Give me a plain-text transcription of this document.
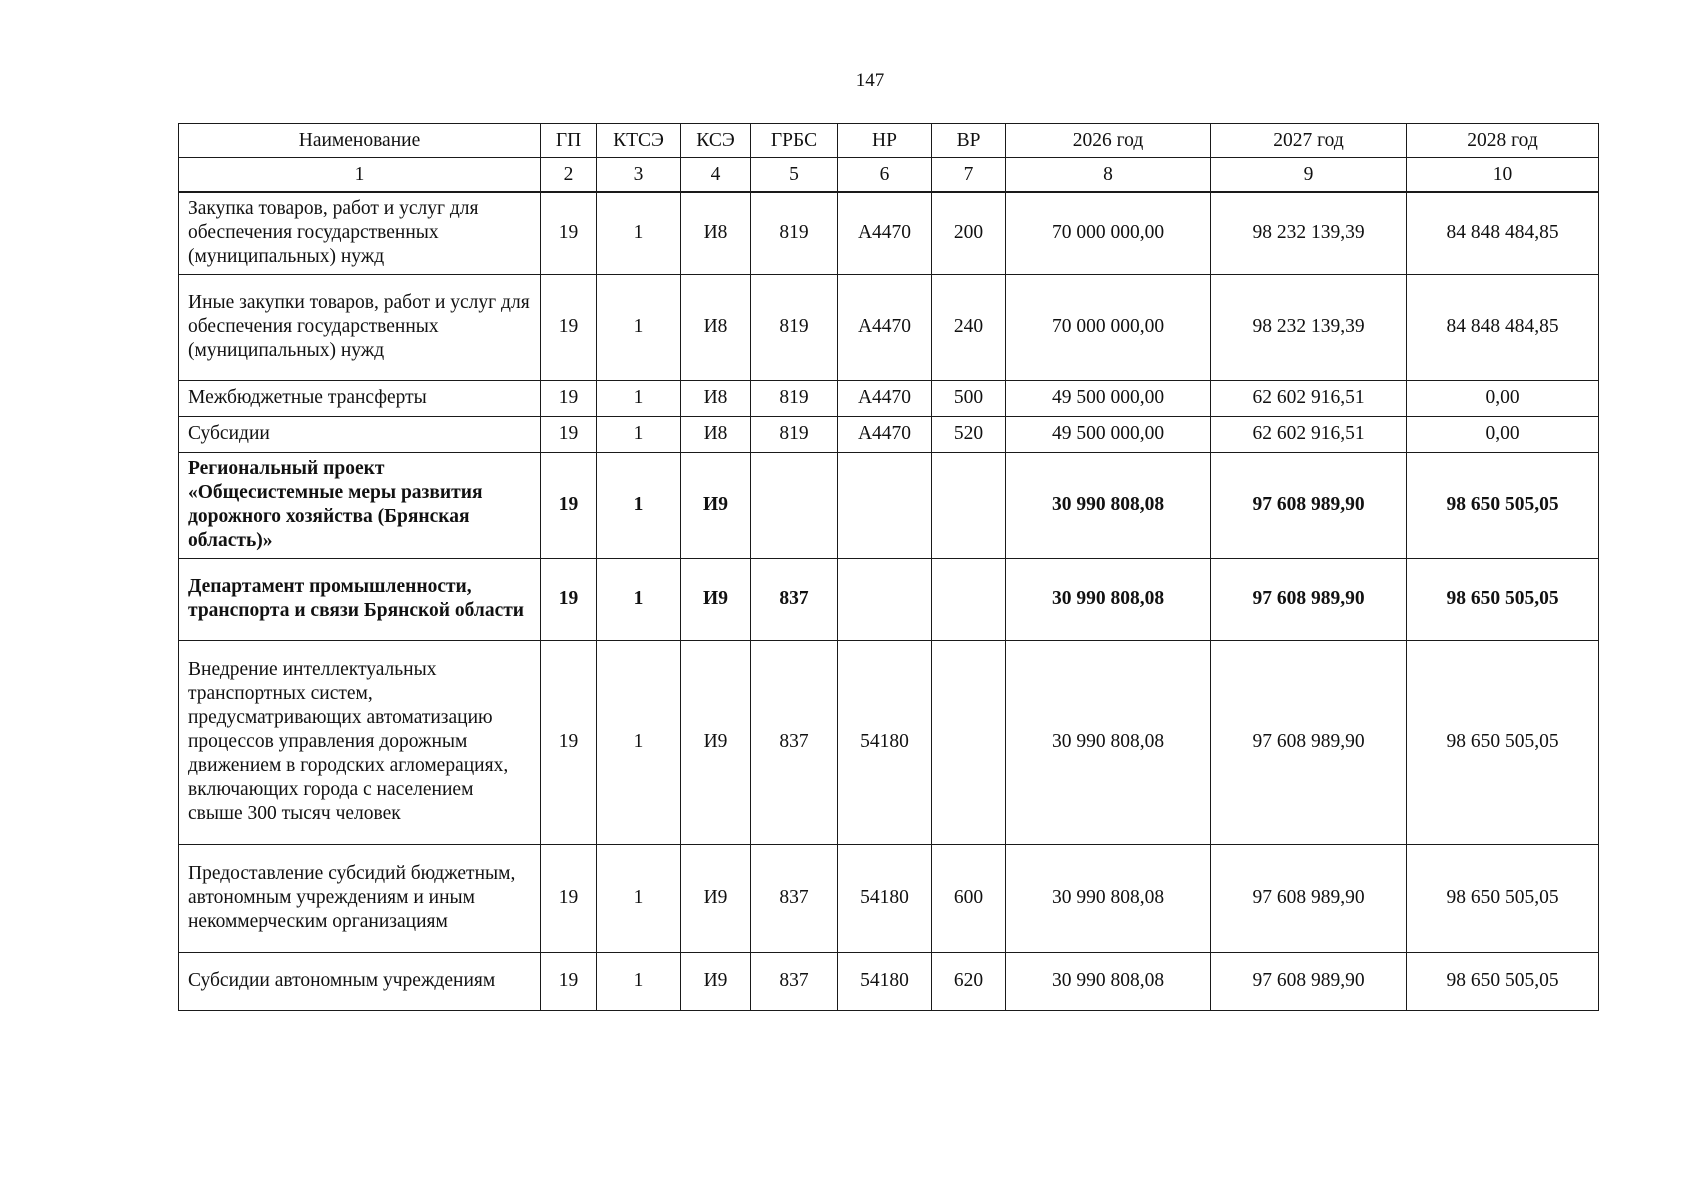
147
Наименование	ГП	КТСЭ	КСЭ	ГРБС	НР	ВР	2026 год	2027 год	2028 год
1	2	3	4	5	6	7	8	9	10
Закупка товаров, работ и услуг для обеспечения государственных (муниципальных) нужд	19	1	И8	819	А4470	200	70 000 000,00	98 232 139,39	84 848 484,85
Иные закупки товаров, работ и услуг для обеспечения государственных (муниципальных) нужд	19	1	И8	819	А4470	240	70 000 000,00	98 232 139,39	84 848 484,85
Межбюджетные трансферты	19	1	И8	819	А4470	500	49 500 000,00	62 602 916,51	0,00
Субсидии	19	1	И8	819	А4470	520	49 500 000,00	62 602 916,51	0,00
Региональный проект «Общесистемные меры развития дорожного хозяйства (Брянская область)»	19	1	И9				30 990 808,08	97 608 989,90	98 650 505,05
Департамент промышленности, транспорта и связи Брянской области	19	1	И9	837			30 990 808,08	97 608 989,90	98 650 505,05
Внедрение интеллектуальных транспортных систем, предусматривающих автоматизацию процессов управления дорожным движением в городских агломерациях, включающих города с населением свыше 300 тысяч человек	19	1	И9	837	54180		30 990 808,08	97 608 989,90	98 650 505,05
Предоставление субсидий бюджетным, автономным учреждениям и иным некоммерческим организациям	19	1	И9	837	54180	600	30 990 808,08	97 608 989,90	98 650 505,05
Субсидии автономным учреждениям	19	1	И9	837	54180	620	30 990 808,08	97 608 989,90	98 650 505,05
